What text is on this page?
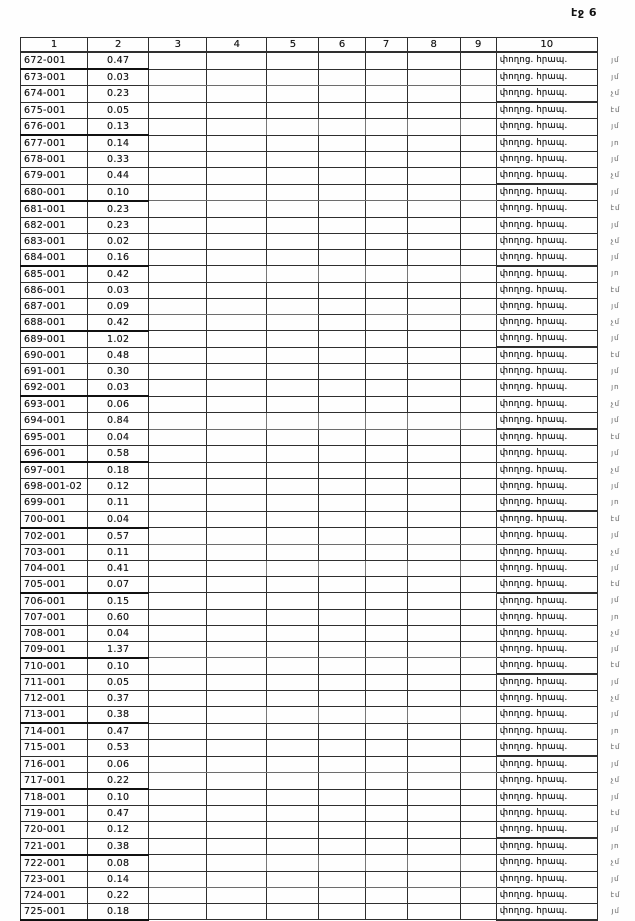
էջ 6
1	2	3	4	5	6	7	8	9	10	
672-001	0.47								փողոց. հրապ.	յմ
673-001	0.03								փողոց. հրապ.	յմ
674-001	0.23								փողոց. հրապ.	չմ
675-001	0.05								փողոց. հրապ.	էմ
676-001	0.13								փողոց. հրապ.	յմ
677-001	0.14								փողոց. հրապ.	յո
678-001	0.33								փողոց. հրապ.	յմ
679-001	0.44								փողոց. հրապ.	չմ
680-001	0.10								փողոց. հրապ.	յմ
681-001	0.23								փողոց. հրապ.	էմ
682-001	0.23								փողոց. հրապ.	յմ
683-001	0.02								փողոց. հրապ.	չմ
684-001	0.16								փողոց. հրապ.	յմ
685-001	0.42								փողոց. հրապ.	յո
686-001	0.03								փողոց. հրապ.	էմ
687-001	0.09								փողոց. հրապ.	յմ
688-001	0.42								փողոց. հրապ.	չմ
689-001	1.02								փողոց. հրապ.	յմ
690-001	0.48								փողոց. հրապ.	էմ
691-001	0.30								փողոց. հրապ.	յմ
692-001	0.03								փողոց. հրապ.	յո
693-001	0.06								փողոց. հրապ.	չմ
694-001	0.84								փողոց. հրապ.	յմ
695-001	0.04								փողոց. հրապ.	էմ
696-001	0.58								փողոց. հրապ.	յմ
697-001	0.18								փողոց. հրապ.	չմ
698-001-02	0.12								փողոց. հրապ.	յմ
699-001	0.11								փողոց. հրապ.	յո
700-001	0.04								փողոց. հրապ.	էմ
702-001	0.57								փողոց. հրապ.	յմ
703-001	0.11								փողոց. հրապ.	չմ
704-001	0.41								փողոց. հրապ.	յմ
705-001	0.07								փողոց. հրապ.	էմ
706-001	0.15								փողոց. հրապ.	յմ
707-001	0.60								փողոց. հրապ.	յո
708-001	0.04								փողոց. հրապ.	չմ
709-001	1.37								փողոց. հրապ.	յմ
710-001	0.10								փողոց. հրապ.	էմ
711-001	0.05								փողոց. հրապ.	յմ
712-001	0.37								փողոց. հրապ.	չմ
713-001	0.38								փողոց. հրապ.	յմ
714-001	0.47								փողոց. հրապ.	յո
715-001	0.53								փողոց. հրապ.	էմ
716-001	0.06								փողոց. հրապ.	յմ
717-001	0.22								փողոց. հրապ.	չմ
718-001	0.10								փողոց. հրապ.	յմ
719-001	0.47								փողոց. հրապ.	էմ
720-001	0.12								փողոց. հրապ.	յմ
721-001	0.38								փողոց. հրապ.	յո
722-001	0.08								փողոց. հրապ.	չմ
723-001	0.14								փողոց. հրապ.	յմ
724-001	0.22								փողոց. հրապ.	էմ
725-001	0.18								փողոց. հրապ.	յմ
